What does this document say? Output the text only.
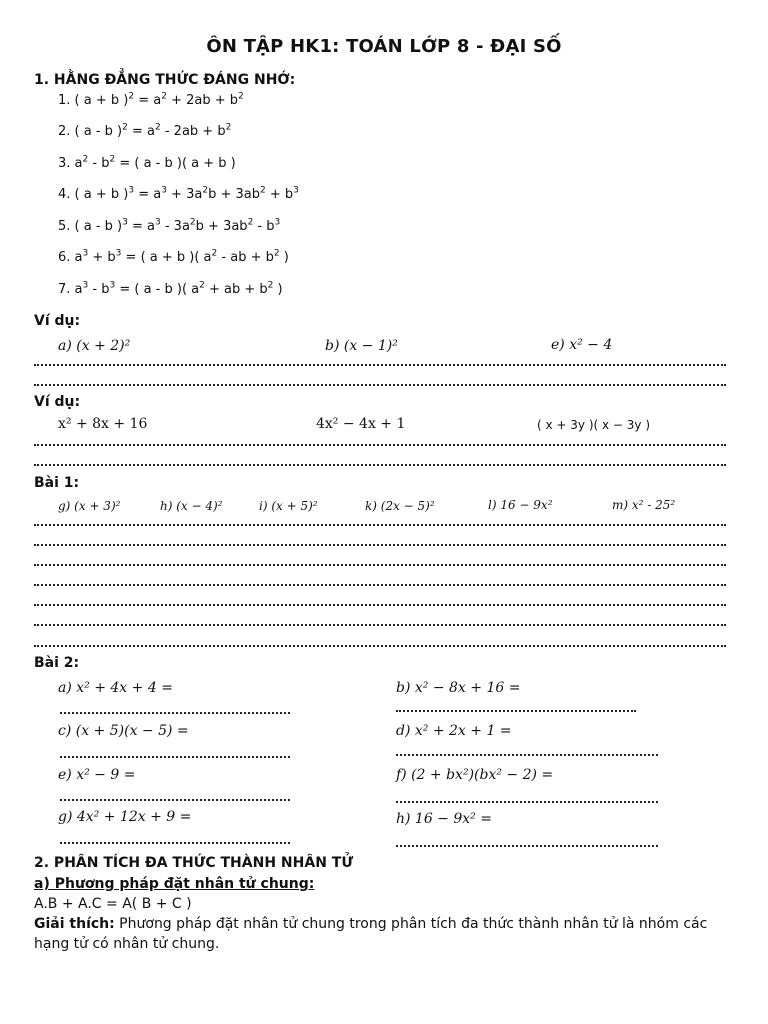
ÔN TẬP HK1: TOÁN LỚP 8 - ĐẠI SỐ
1. HẰNG ĐẲNG THỨC ĐÁNG NHỚ:
1. ( a + b )$^2 = a^2 + 2ab + b^2$
2. ( a - b )$^2 = a^2 - 2ab + b^2$
3. $a^2 - b^2$ = ( a - b )( a + b )
4. ( a + b )$^3 = a^3 + 3a^2b + 3ab^2 + b^3$
5. ( a - b )$^3 = a^3 - 3a^2b + 3ab^2 - b^3$
6. $a^3 + b^3$ = ( a + b )( $a^2$ - ab + $b^2$ )
7. $a^3 - b^3$ = ( a - b )( $a^2$ + ab + $b^2$ )
Ví dụ:
a) (x + 2)²	b) (x − 1)²	e) x² − 4
Ví dụ:
x² + 8x + 16	4x² − 4x + 1	( x + 3y )( x − 3y )
Bài 1:
g) (x + 3)²	h) (x − 4)²	i) (x + 5)²	k) (2x − 5)²	l) 16 − 9x²	m) x² - 25²
Bài 2:
a) x² + 4x + 4 =	b) x² − 8x + 16 =
c) (x + 5)(x − 5) =	d) x² + 2x + 1 =
e) x² − 9 =	f) (2 + bx²)(bx² − 2) =
g) 4x² + 12x + 9 =	h) 16 − 9x² =
2. PHÂN TÍCH ĐA THỨC THÀNH NHÂN TỬ
a) Phương pháp đặt nhân tử chung:
A.B + A.C = A( B + C )
Giải thích: Phương pháp đặt nhân tử chung trong phân tích đa thức thành nhân tử là nhóm các hạng tử có nhân tử chung.
